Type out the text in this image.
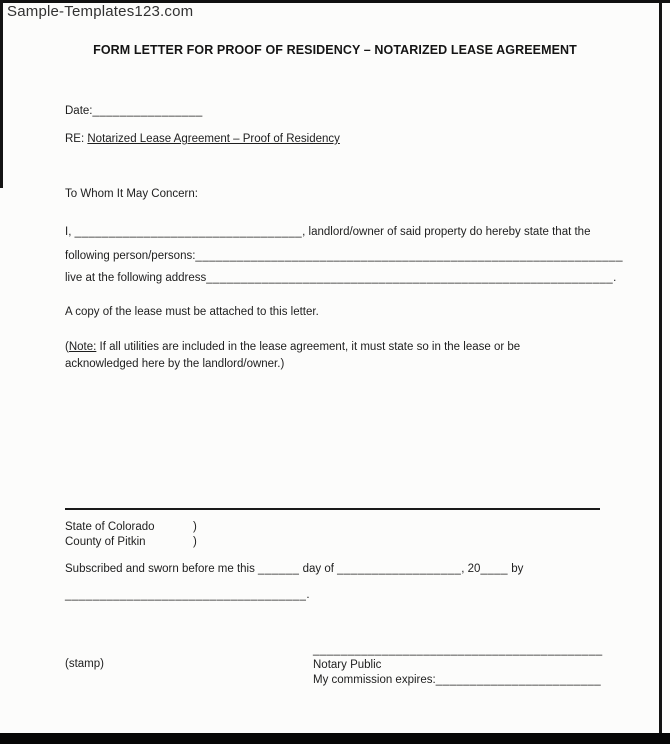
Sample-Templates123.com
FORM LETTER FOR PROOF OF RESIDENCY – NOTARIZED LEASE AGREEMENT
Date:________________
RE: Notarized Lease Agreement – Proof of Residency
To Whom It May Concern:
I, _________________________________, landlord/owner of said property do hereby state that the
following person/persons:______________________________________________________________
live at the following address___________________________________________________________.
A copy of the lease must be attached to this letter.
(Note: If all utilities are included in the lease agreement, it must state so in the lease or be
acknowledged here by the landlord/owner.)
State of Colorado	)
County of Pitkin	)
Subscribed and sworn before me this ______ day of __________________, 20____ by
___________________________________.
(stamp)
__________________________________________
Notary Public
My commission expires:________________________
